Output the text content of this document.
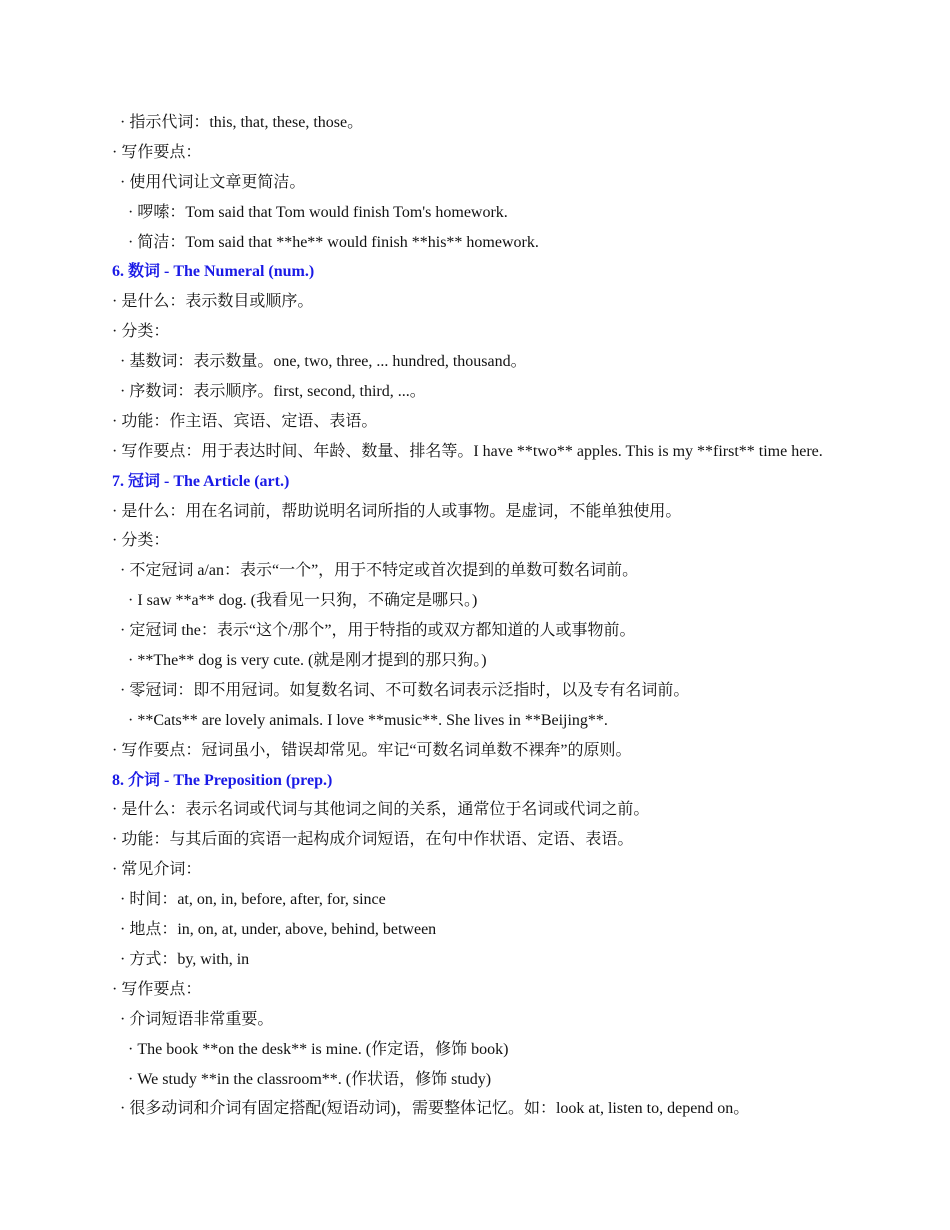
· 指示代词：this, that, these, those。
· 写作要点：
· 使用代词让文章更简洁。
· 啰嗦：Tom said that Tom would finish Tom's homework.
· 简洁：Tom said that **he** would finish **his** homework.
6. 数词 - The Numeral (num.)
· 是什么：表示数目或顺序。
· 分类：
· 基数词：表示数量。one, two, three, ... hundred, thousand。
· 序数词：表示顺序。first, second, third, ...。
· 功能：作主语、宾语、定语、表语。
· 写作要点：用于表达时间、年龄、数量、排名等。I have **two** apples. This is my **first** time here.
7. 冠词 - The Article (art.)
· 是什么：用在名词前，帮助说明名词所指的人或事物。是虚词，不能单独使用。
· 分类：
· 不定冠词 a/an：表示“一个”，用于不特定或首次提到的单数可数名词前。
· I saw **a** dog. (我看见一只狗，不确定是哪只。)
· 定冠词 the：表示“这个/那个”，用于特指的或双方都知道的人或事物前。
· **The** dog is very cute. (就是刚才提到的那只狗。)
· 零冠词：即不用冠词。如复数名词、不可数名词表示泛指时，以及专有名词前。
· **Cats** are lovely animals. I love **music**. She lives in **Beijing**.
· 写作要点：冠词虽小，错误却常见。牢记“可数名词单数不裸奔”的原则。
8. 介词 - The Preposition (prep.)
· 是什么：表示名词或代词与其他词之间的关系，通常位于名词或代词之前。
· 功能：与其后面的宾语一起构成介词短语，在句中作状语、定语、表语。
· 常见介词：
· 时间：at, on, in, before, after, for, since
· 地点：in, on, at, under, above, behind, between
· 方式：by, with, in
· 写作要点：
· 介词短语非常重要。
· The book **on the desk** is mine. (作定语，修饰 book)
· We study **in the classroom**. (作状语，修饰 study)
· 很多动词和介词有固定搭配(短语动词)，需要整体记忆。如：look at, listen to, depend on。
